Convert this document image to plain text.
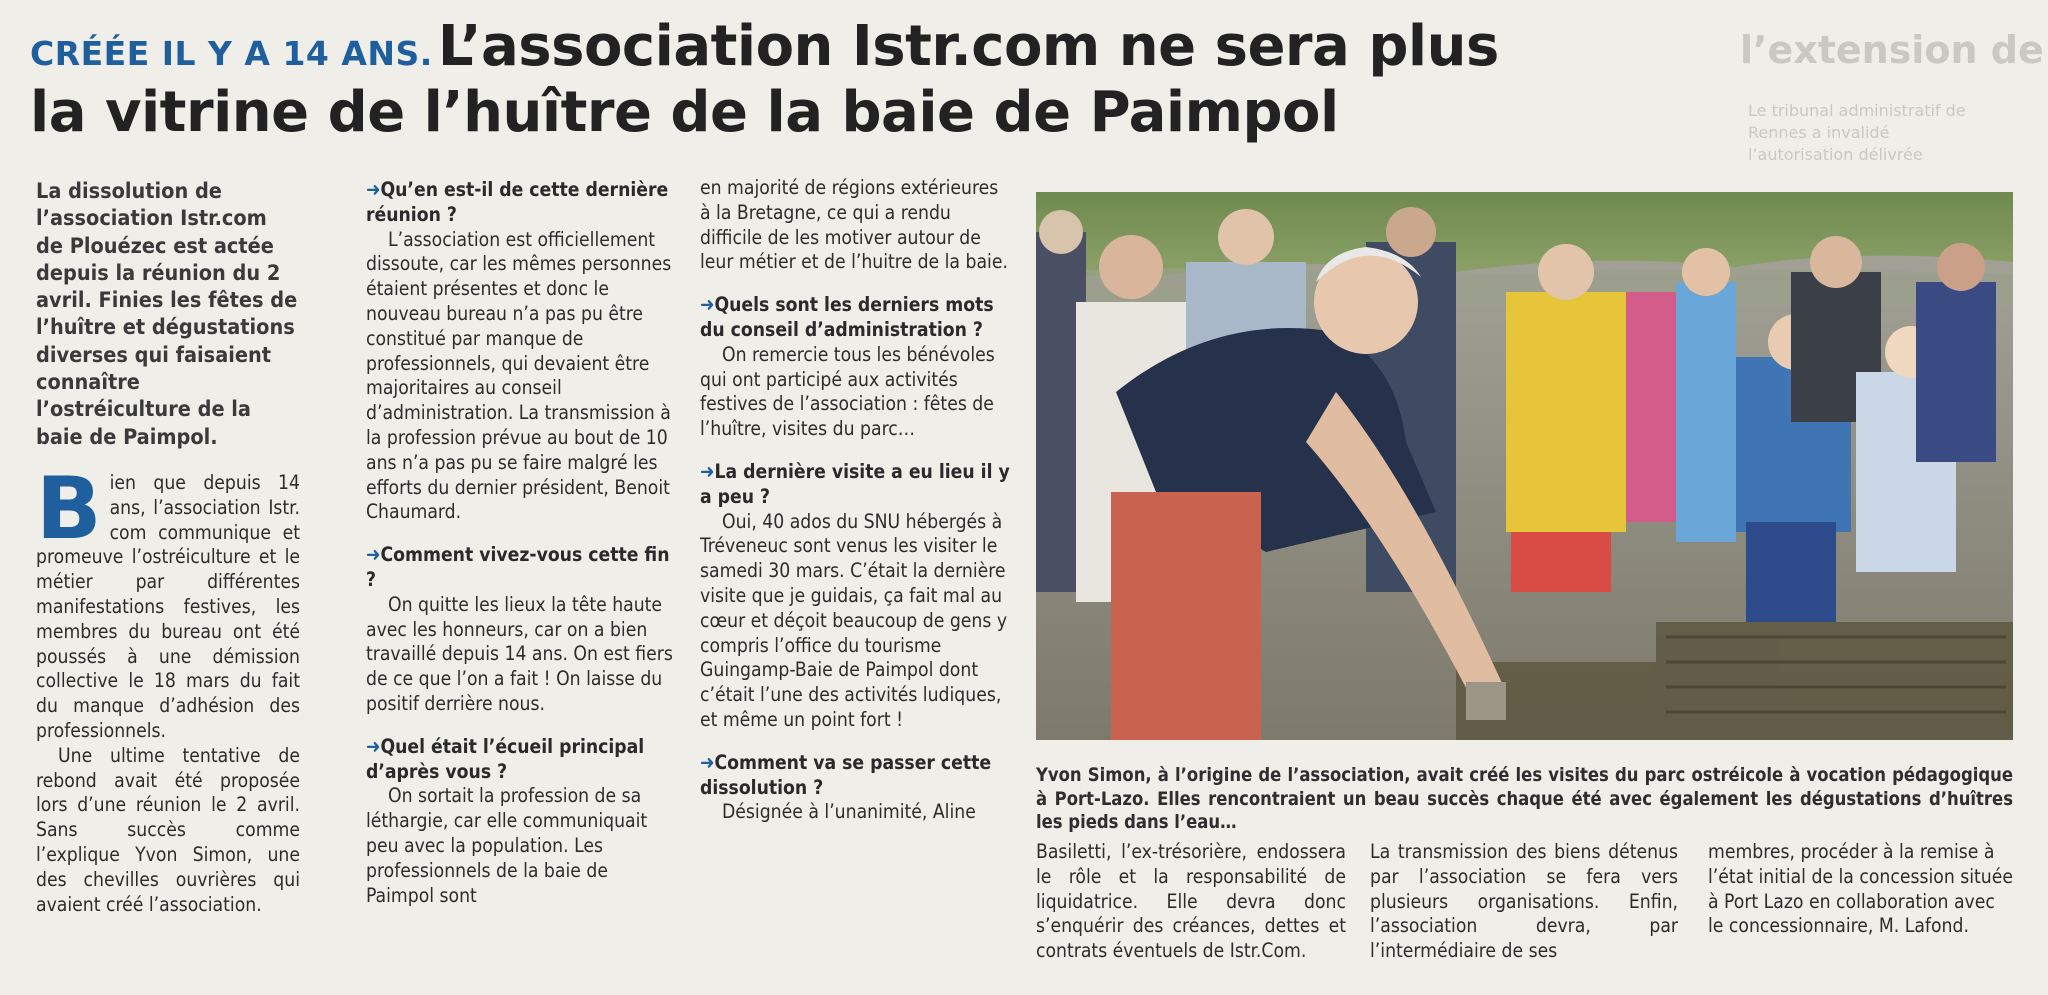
l’extension de
Le tribunal administratif de Rennes a invalidé l’autorisation délivrée
CRÉÉE IL Y A 14 ANS. L’association Istr.com ne sera plus
la vitrine de l’huître de la baie de Paimpol

La dissolution de l’association Istr.com de Plouézec est actée depuis la réunion du 2 avril. Finies les fêtes de l’huître et dégustations diverses qui faisaient connaître l’ostréiculture de la baie de Paimpol.

B ien que depuis 14 ans, l’association Istr. com communique et promeuve l’ostréiculture et le métier par différentes manifestations festives, les membres du bureau ont été poussés à une démission collective le 18 mars du fait du manque d’adhésion des professionnels.

Une ultime tentative de rebond avait été proposée lors d’une réunion le 2 avril. Sans succès comme l’explique Yvon Simon, une des chevilles ouvrières qui avaient créé l’association.

➜Qu’en est-il de cette dernière réunion ?

L’association est officiellement dissoute, car les mêmes personnes étaient présentes et donc le nouveau bureau n’a pas pu être constitué par manque de professionnels, qui devaient être majoritaires au conseil d’administration. La transmission à la profession prévue au bout de 10 ans n’a pas pu se faire malgré les efforts du dernier président, Benoit Chaumard.

➜Comment vivez-vous cette fin ?

On quitte les lieux la tête haute avec les honneurs, car on a bien travaillé depuis 14 ans. On est fiers de ce que l’on a fait ! On laisse du positif derrière nous.

➜Quel était l’écueil principal d’après vous ?

On sortait la profession de sa léthargie, car elle communiquait peu avec la population. Les professionnels de la baie de Paimpol sont

en majorité de régions extérieures à la Bretagne, ce qui a rendu difficile de les motiver autour de leur métier et de l’huitre de la baie.

➜Quels sont les derniers mots du conseil d’administration ?

On remercie tous les bénévoles qui ont participé aux activités festives de l’association : fêtes de l’huître, visites du parc…

➜La dernière visite a eu lieu il y a peu ?

Oui, 40 ados du SNU hébergés à Tréveneuc sont venus les visiter le samedi 30 mars. C’était la dernière visite que je guidais, ça fait mal au cœur et déçoit beaucoup de gens y compris l’office du tourisme Guingamp-Baie de Paimpol dont c’était l’une des activités ludiques, et même un point fort !

➜Comment va se passer cette dissolution ?

Désignée à l’unanimité, Aline

Yvon Simon, à l’origine de l’association, avait créé les visites du parc ostréicole à vocation pédagogique à Port-Lazo. Elles rencontraient un beau succès chaque été avec également les dégustations d’huîtres les pieds dans l’eau…

Basiletti, l’ex-trésorière, endossera le rôle et la responsabilité de liquidatrice. Elle devra donc s’enquérir des créances, dettes et contrats éventuels de Istr.Com.

La transmission des biens détenus par l’association se fera vers plusieurs organisations. Enfin, l’association devra, par l’intermédiaire de ses

membres, procéder à la remise à l’état initial de la concession située à Port Lazo en collaboration avec le concessionnaire, M. Lafond.
